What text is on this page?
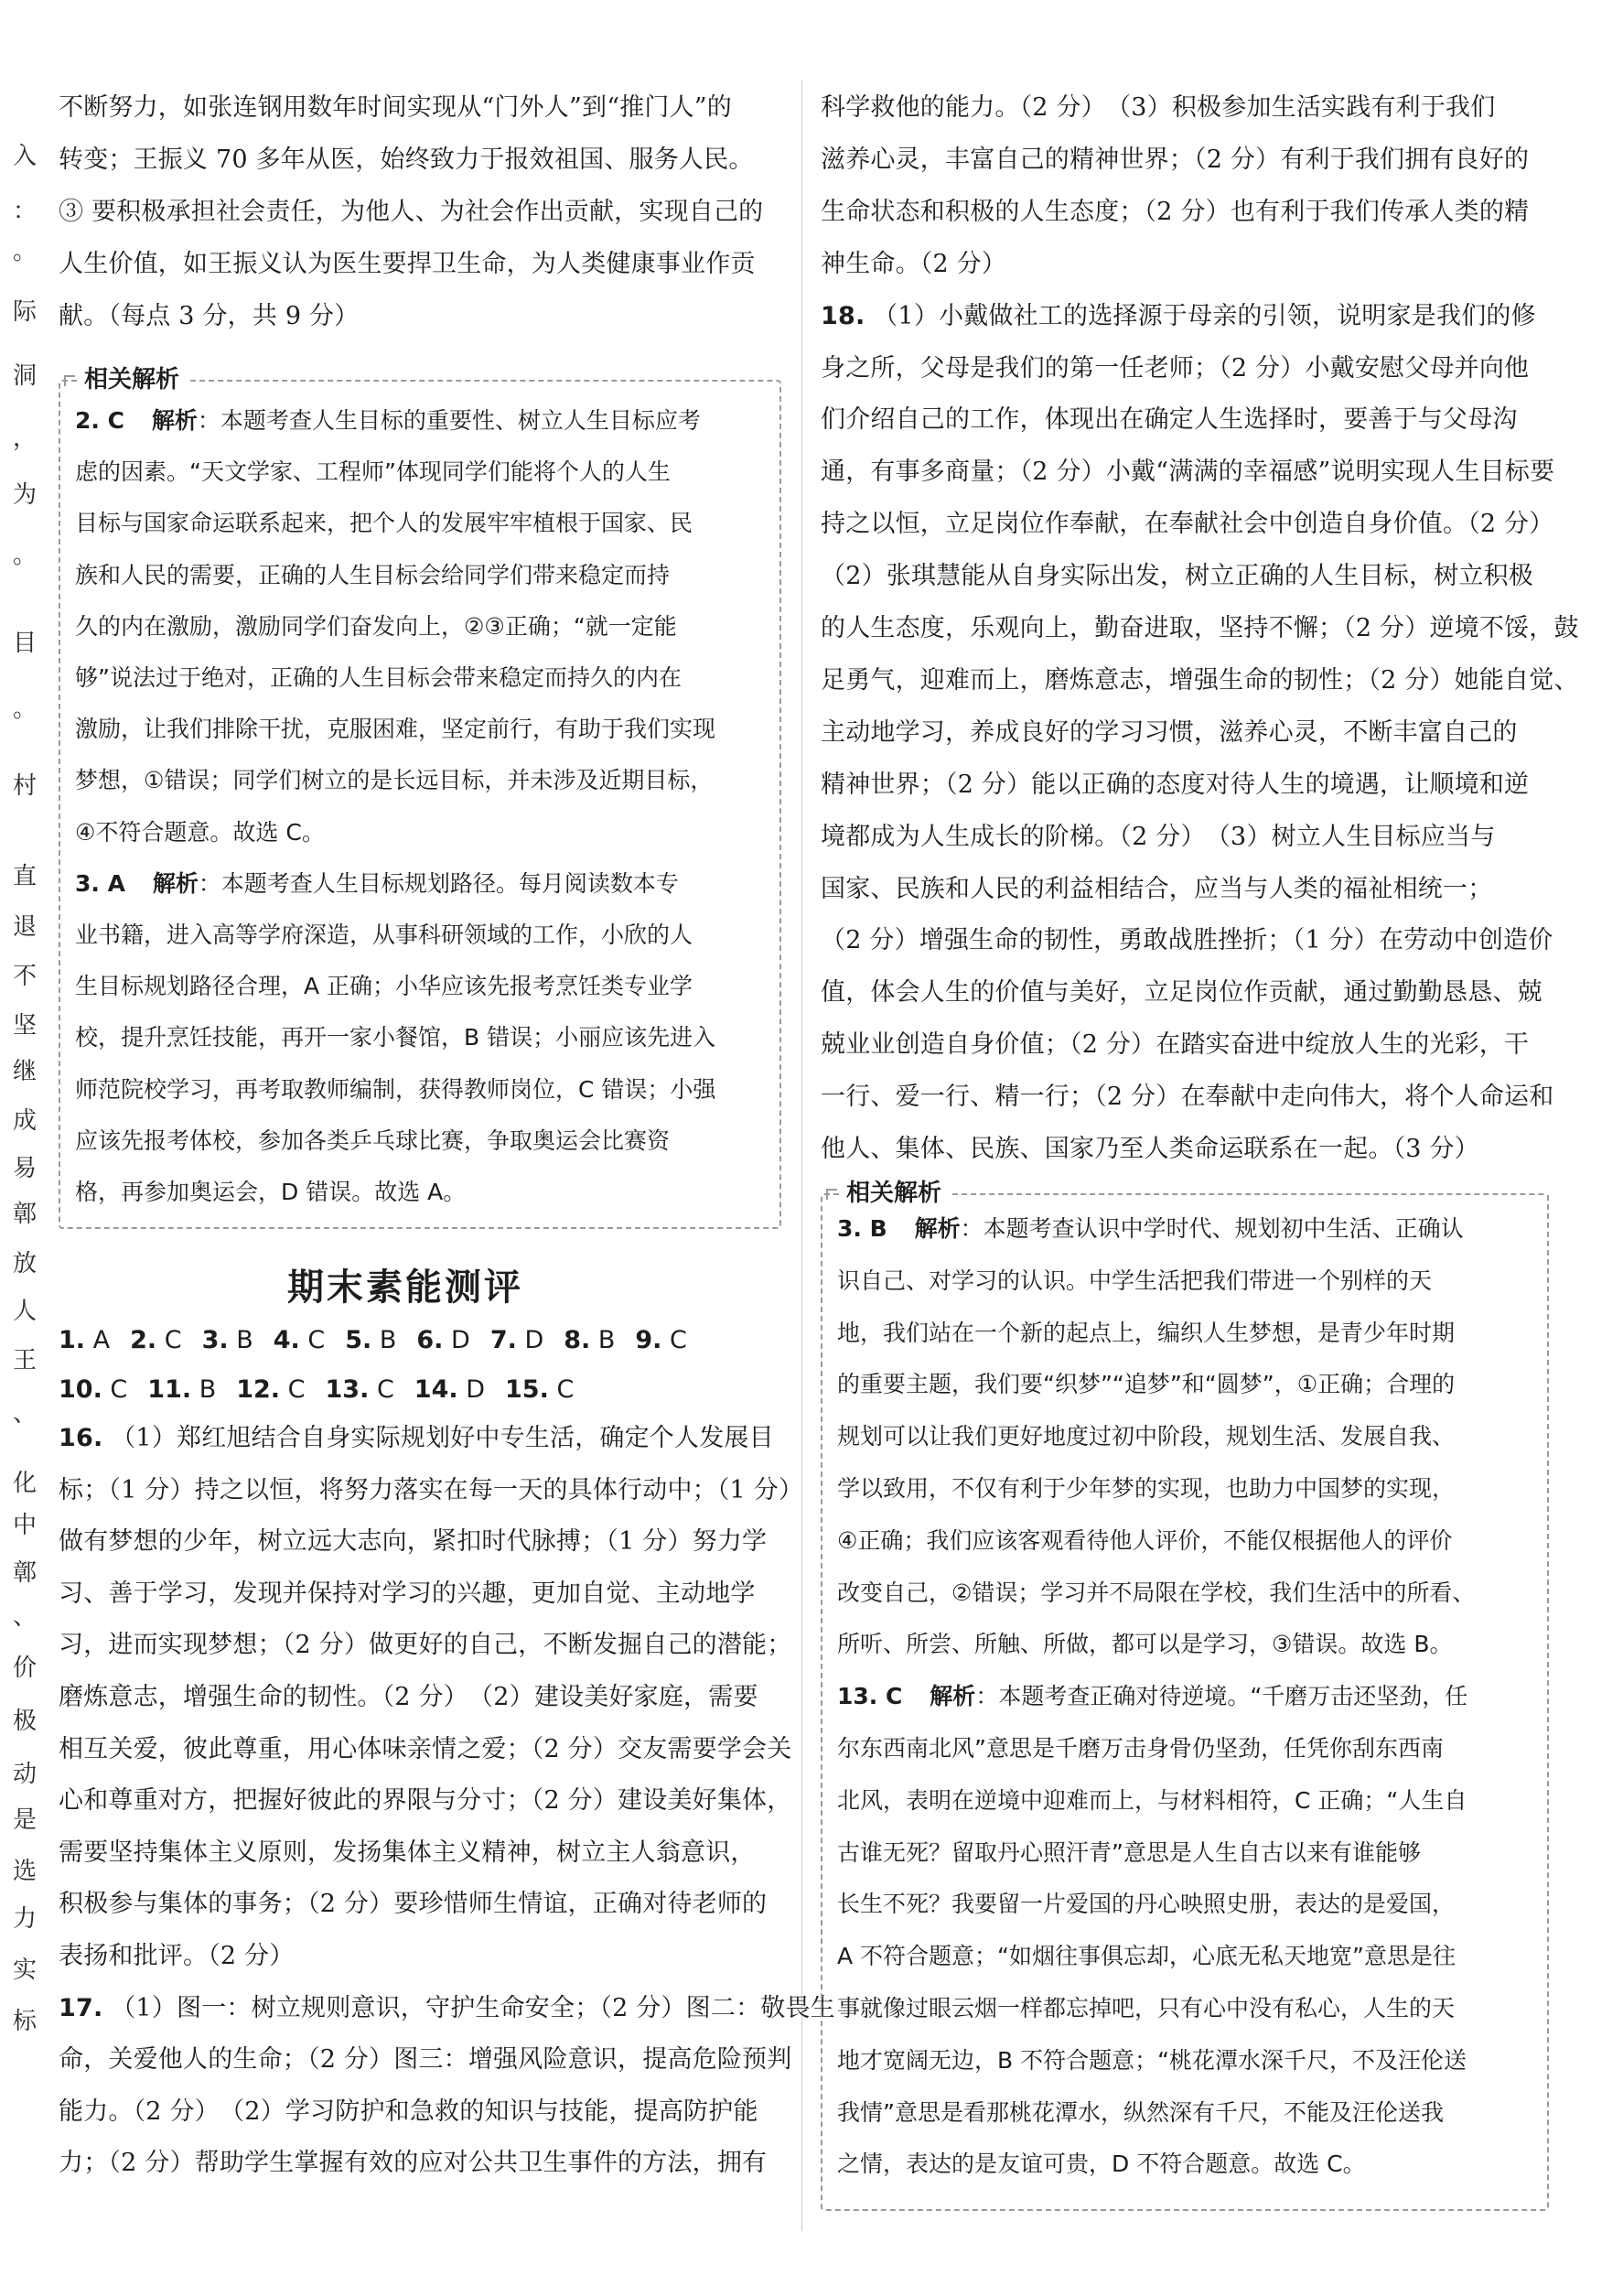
入
：
。
际
洞
，
为
。
目
。
村
直
退
不
坚
继
成
易
鄣
放
人
王
、
化
中
鄣
、
价
极
动
是
选
力
实
标
不断努力，如张连钢用数年时间实现从“门外人”到“推门人”的
转变；王振义 70 多年从医，始终致力于报效祖国、服务人民。
③ 要积极承担社会责任，为他人、为社会作出贡献，实现自己的
人生价值，如王振义认为医生要捍卫生命，为人类健康事业作贡
献。（每点 3 分，共 9 分）
相关解析
2. C 解析：本题考查人生目标的重要性、树立人生目标应考
虑的因素。“天文学家、工程师”体现同学们能将个人的人生
目标与国家命运联系起来，把个人的发展牢牢植根于国家、民
族和人民的需要，正确的人生目标会给同学们带来稳定而持
久的内在激励，激励同学们奋发向上，②③正确；“就一定能
够”说法过于绝对，正确的人生目标会带来稳定而持久的内在
激励，让我们排除干扰，克服困难，坚定前行，有助于我们实现
梦想，①错误；同学们树立的是长远目标，并未涉及近期目标，
④不符合题意。故选 C。
3. A 解析：本题考查人生目标规划路径。每月阅读数本专
业书籍，进入高等学府深造，从事科研领域的工作，小欣的人
生目标规划路径合理，A 正确；小华应该先报考烹饪类专业学
校，提升烹饪技能，再开一家小餐馆，B 错误；小丽应该先进入
师范院校学习，再考取教师编制，获得教师岗位，C 错误；小强
应该先报考体校，参加各类乒乓球比赛，争取奥运会比赛资
格，再参加奥运会，D 错误。故选 A。
期末素能测评
1. A 2. C 3. B 4. C 5. B 6. D 7. D 8. B 9. C
10. C 11. B 12. C 13. C 14. D 15. C
16. （1）郑红旭结合自身实际规划好中专生活，确定个人发展目
标；（1 分）持之以恒，将努力落实在每一天的具体行动中；（1 分）
做有梦想的少年，树立远大志向，紧扣时代脉搏；（1 分）努力学
习、善于学习，发现并保持对学习的兴趣，更加自觉、主动地学
习，进而实现梦想；（2 分）做更好的自己，不断发掘自己的潜能；
磨炼意志，增强生命的韧性。（2 分）　（2）建设美好家庭，需要
相互关爱，彼此尊重，用心体味亲情之爱；（2 分）交友需要学会关
心和尊重对方，把握好彼此的界限与分寸；（2 分）建设美好集体，
需要坚持集体主义原则，发扬集体主义精神，树立主人翁意识，
积极参与集体的事务；（2 分）要珍惜师生情谊，正确对待老师的
表扬和批评。（2 分）
17. （1）图一：树立规则意识，守护生命安全；（2 分）图二：敬畏生
命，关爱他人的生命；（2 分）图三：增强风险意识，提高危险预判
能力。（2 分）　（2）学习防护和急救的知识与技能，提高防护能
力；（2 分）帮助学生掌握有效的应对公共卫生事件的方法，拥有
科学救他的能力。（2 分）　（3）积极参加生活实践有利于我们
滋养心灵，丰富自己的精神世界；（2 分）有利于我们拥有良好的
生命状态和积极的人生态度；（2 分）也有利于我们传承人类的精
神生命。（2 分）
18. （1）小戴做社工的选择源于母亲的引领，说明家是我们的修
身之所，父母是我们的第一任老师；（2 分）小戴安慰父母并向他
们介绍自己的工作，体现出在确定人生选择时，要善于与父母沟
通，有事多商量；（2 分）小戴“满满的幸福感”说明实现人生目标要
持之以恒，立足岗位作奉献，在奉献社会中创造自身价值。（2 分）
（2）张琪慧能从自身实际出发，树立正确的人生目标，树立积极
的人生态度，乐观向上，勤奋进取，坚持不懈；（2 分）逆境不馁，鼓
足勇气，迎难而上，磨炼意志，增强生命的韧性；（2 分）她能自觉、
主动地学习，养成良好的学习习惯，滋养心灵，不断丰富自己的
精神世界；（2 分）能以正确的态度对待人生的境遇，让顺境和逆
境都成为人生成长的阶梯。（2 分）　（3）树立人生目标应当与
国家、民族和人民的利益相结合，应当与人类的福祉相统一；
（2 分）增强生命的韧性，勇敢战胜挫折；（1 分）在劳动中创造价
值，体会人生的价值与美好，立足岗位作贡献，通过勤勤恳恳、兢
兢业业创造自身价值；（2 分）在踏实奋进中绽放人生的光彩，干
一行、爱一行、精一行；（2 分）在奉献中走向伟大，将个人命运和
他人、集体、民族、国家乃至人类命运联系在一起。（3 分）
相关解析
3. B 解析：本题考查认识中学时代、规划初中生活、正确认
识自己、对学习的认识。中学生活把我们带进一个别样的天
地，我们站在一个新的起点上，编织人生梦想，是青少年时期
的重要主题，我们要“织梦”“追梦”和“圆梦”，①正确；合理的
规划可以让我们更好地度过初中阶段，规划生活、发展自我、
学以致用，不仅有利于少年梦的实现，也助力中国梦的实现，
④正确；我们应该客观看待他人评价，不能仅根据他人的评价
改变自己，②错误；学习并不局限在学校，我们生活中的所看、
所听、所尝、所触、所做，都可以是学习，③错误。故选 B。
13. C 解析：本题考查正确对待逆境。“千磨万击还坚劲，任
尔东西南北风”意思是千磨万击身骨仍坚劲，任凭你刮东西南
北风，表明在逆境中迎难而上，与材料相符，C 正确；“人生自
古谁无死？留取丹心照汗青”意思是人生自古以来有谁能够
长生不死？我要留一片爱国的丹心映照史册，表达的是爱国，
A 不符合题意；“如烟往事俱忘却，心底无私天地宽”意思是往
事就像过眼云烟一样都忘掉吧，只有心中没有私心，人生的天
地才宽阔无边，B 不符合题意；“桃花潭水深千尺，不及汪伦送
我情”意思是看那桃花潭水，纵然深有千尺，不能及汪伦送我
之情，表达的是友谊可贵，D 不符合题意。故选 C。
